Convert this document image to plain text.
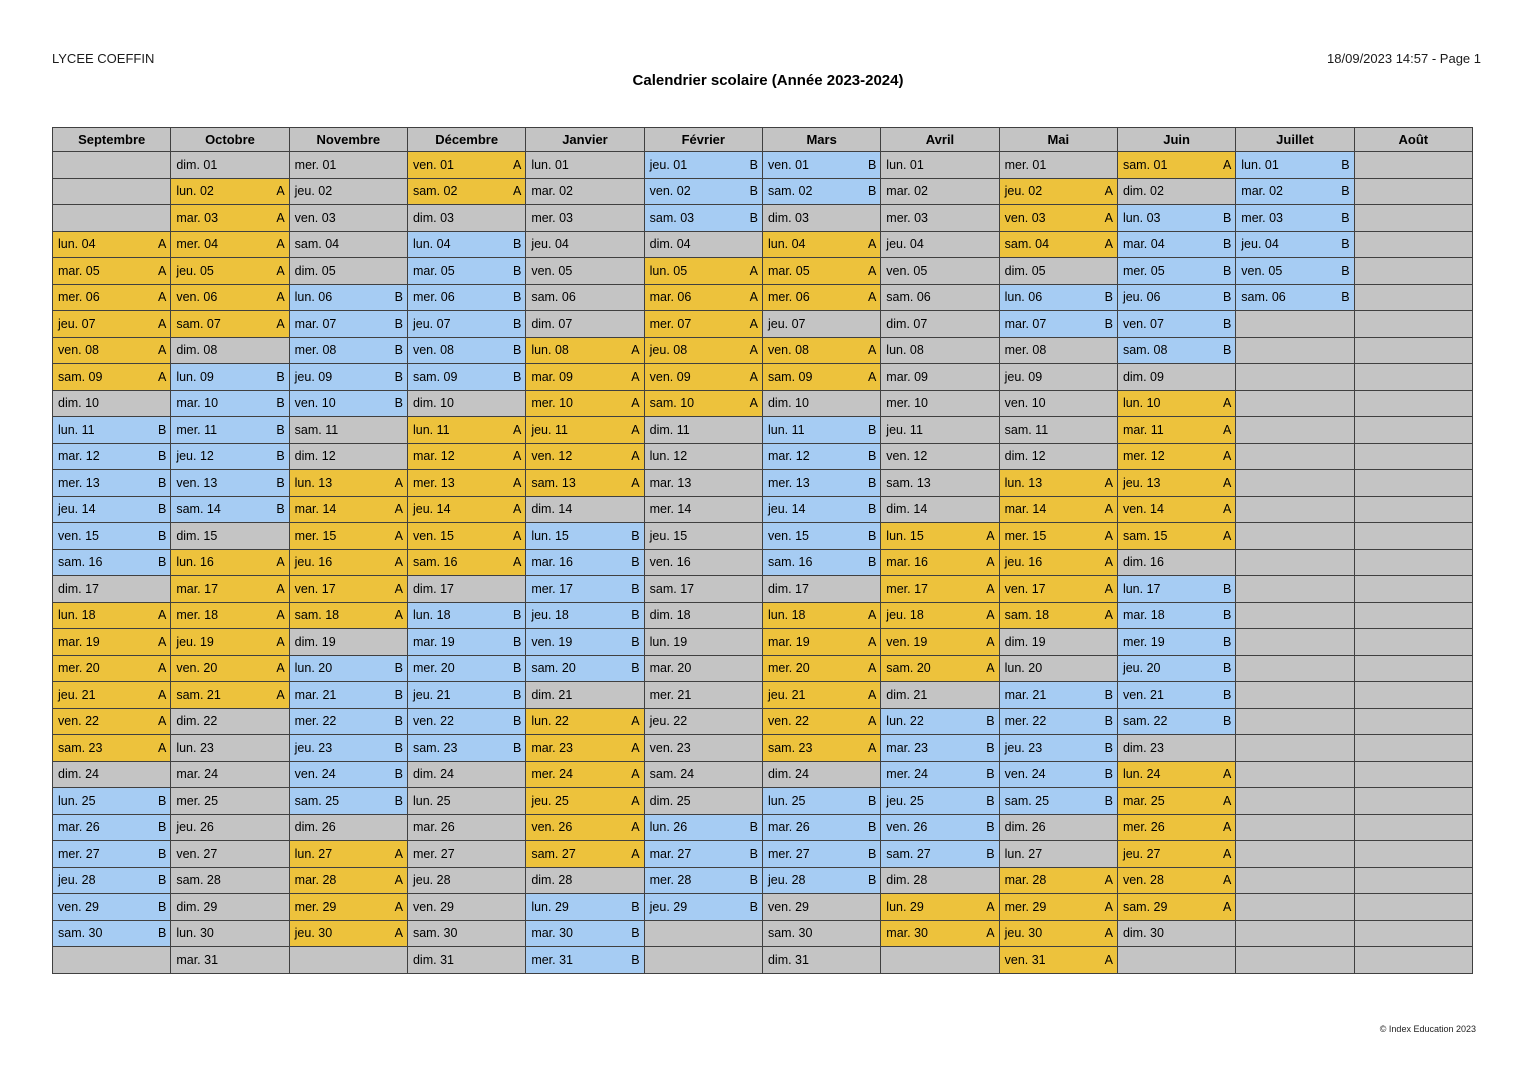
LYCEE COEFFIN	18/09/2023 14:57 - Page 1
Calendrier scolaire (Année 2023-2024)
Septembre	Octobre	Novembre	Décembre	Janvier	Février	Mars	Avril	Mai	Juin	Juillet	Août

	dim. 01	mer. 01	ven. 01 A	lun. 01	jeu. 01 B	ven. 01 B	lun. 01	mer. 01	sam. 01 A	lun. 01 B	

	lun. 02 A	jeu. 02	sam. 02 A	mar. 02	ven. 02 B	sam. 02 B	mar. 02	jeu. 02 A	dim. 02	mar. 02 B	

	mar. 03 A	ven. 03	dim. 03	mer. 03	sam. 03 B	dim. 03	mer. 03	ven. 03 A	lun. 03 B	mer. 03 B	

lun. 04 A	mer. 04 A	sam. 04	lun. 04 B	jeu. 04	dim. 04	lun. 04 A	jeu. 04	sam. 04 A	mar. 04 B	jeu. 04 B	

mar. 05 A	jeu. 05 A	dim. 05	mar. 05 B	ven. 05	lun. 05 A	mar. 05 A	ven. 05	dim. 05	mer. 05 B	ven. 05 B	

mer. 06 A	ven. 06 A	lun. 06 B	mer. 06 B	sam. 06	mar. 06 A	mer. 06 A	sam. 06	lun. 06 B	jeu. 06 B	sam. 06 B	

jeu. 07 A	sam. 07 A	mar. 07 B	jeu. 07 B	dim. 07	mer. 07 A	jeu. 07	dim. 07	mar. 07 B	ven. 07 B		

ven. 08 A	dim. 08	mer. 08 B	ven. 08 B	lun. 08 A	jeu. 08 A	ven. 08 A	lun. 08	mer. 08	sam. 08 B		

sam. 09 A	lun. 09 B	jeu. 09 B	sam. 09 B	mar. 09 A	ven. 09 A	sam. 09 A	mar. 09	jeu. 09	dim. 09		

dim. 10	mar. 10 B	ven. 10 B	dim. 10	mer. 10 A	sam. 10 A	dim. 10	mer. 10	ven. 10	lun. 10 A		

lun. 11 B	mer. 11 B	sam. 11	lun. 11 A	jeu. 11 A	dim. 11	lun. 11 B	jeu. 11	sam. 11	mar. 11 A		

mar. 12 B	jeu. 12 B	dim. 12	mar. 12 A	ven. 12 A	lun. 12	mar. 12 B	ven. 12	dim. 12	mer. 12 A		

mer. 13 B	ven. 13 B	lun. 13 A	mer. 13 A	sam. 13 A	mar. 13	mer. 13 B	sam. 13	lun. 13 A	jeu. 13 A		

jeu. 14 B	sam. 14 B	mar. 14 A	jeu. 14 A	dim. 14	mer. 14	jeu. 14 B	dim. 14	mar. 14 A	ven. 14 A		

ven. 15 B	dim. 15	mer. 15 A	ven. 15 A	lun. 15 B	jeu. 15	ven. 15 B	lun. 15 A	mer. 15 A	sam. 15 A		

sam. 16 B	lun. 16 A	jeu. 16 A	sam. 16 A	mar. 16 B	ven. 16	sam. 16 B	mar. 16 A	jeu. 16 A	dim. 16		

dim. 17	mar. 17 A	ven. 17 A	dim. 17	mer. 17 B	sam. 17	dim. 17	mer. 17 A	ven. 17 A	lun. 17 B		

lun. 18 A	mer. 18 A	sam. 18 A	lun. 18 B	jeu. 18 B	dim. 18	lun. 18 A	jeu. 18 A	sam. 18 A	mar. 18 B		

mar. 19 A	jeu. 19 A	dim. 19	mar. 19 B	ven. 19 B	lun. 19	mar. 19 A	ven. 19 A	dim. 19	mer. 19 B		

mer. 20 A	ven. 20 A	lun. 20 B	mer. 20 B	sam. 20 B	mar. 20	mer. 20 A	sam. 20 A	lun. 20	jeu. 20 B		

jeu. 21 A	sam. 21 A	mar. 21 B	jeu. 21 B	dim. 21	mer. 21	jeu. 21 A	dim. 21	mar. 21 B	ven. 21 B		

ven. 22 A	dim. 22	mer. 22 B	ven. 22 B	lun. 22 A	jeu. 22	ven. 22 A	lun. 22 B	mer. 22 B	sam. 22 B		

sam. 23 A	lun. 23	jeu. 23 B	sam. 23 B	mar. 23 A	ven. 23	sam. 23 A	mar. 23 B	jeu. 23 B	dim. 23		

dim. 24	mar. 24	ven. 24 B	dim. 24	mer. 24 A	sam. 24	dim. 24	mer. 24 B	ven. 24 B	lun. 24 A		

lun. 25 B	mer. 25	sam. 25 B	lun. 25	jeu. 25 A	dim. 25	lun. 25 B	jeu. 25 B	sam. 25 B	mar. 25 A		

mar. 26 B	jeu. 26	dim. 26	mar. 26	ven. 26 A	lun. 26 B	mar. 26 B	ven. 26 B	dim. 26	mer. 26 A		

mer. 27 B	ven. 27	lun. 27 A	mer. 27	sam. 27 A	mar. 27 B	mer. 27 B	sam. 27 B	lun. 27	jeu. 27 A		

jeu. 28 B	sam. 28	mar. 28 A	jeu. 28	dim. 28	mer. 28 B	jeu. 28 B	dim. 28	mar. 28 A	ven. 28 A		

ven. 29 B	dim. 29	mer. 29 A	ven. 29	lun. 29 B	jeu. 29 B	ven. 29	lun. 29 A	mer. 29 A	sam. 29 A		

sam. 30 B	lun. 30	jeu. 30 A	sam. 30	mar. 30 B		sam. 30	mar. 30 A	jeu. 30 A	dim. 30		

	mar. 31		dim. 31	mer. 31 B		dim. 31		ven. 31 A			

© Index Education 2023
